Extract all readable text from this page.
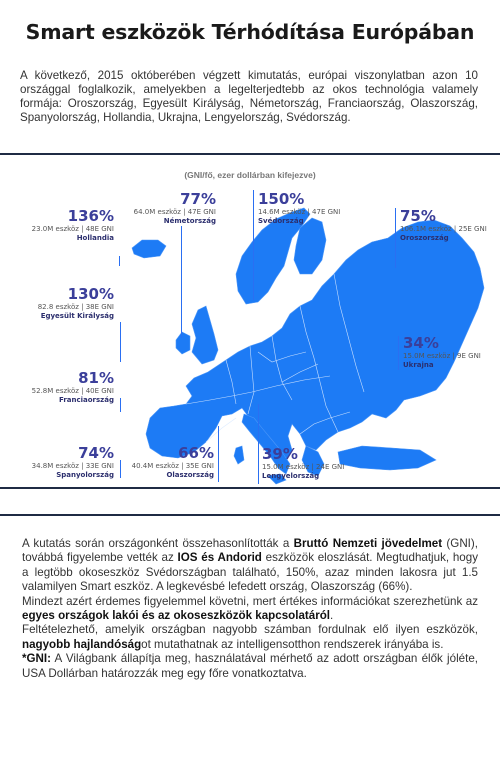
Smart eszközök Térhódítása Európában
A következő, 2015 októberében végzett kimutatás, európai viszonylatban azon 10 országgal foglalkozik, amelyekben a legelterjedtebb az okos technológia valamely formája: Oroszország, Egyesült Királyság, Németország, Franciaország, Olaszország, Spanyolország, Hollandia, Ukrajna, Lengyelország, Svédország.
(GNI/fő, ezer dollárban kifejezve)
136%
23.0M eszköz | 48E GNI
Hollandia
77%
64.0M eszköz | 47E GNI
Németország
150%
14.6M eszköz | 47E GNI
Svédország	75%
106.1M eszköz | 25E GNI
Oroszország
130%
82.8 eszköz | 38E GNI
Egyesült Királyság
34%
15.0M eszköz | 9E GNI
Ukrajna
81%
52.8M eszköz | 40E GNI
Franciaország
74%
34.8M eszköz | 33E GNI
Spanyolország
66%
40.4M eszköz | 35E GNI
Olaszország
39%
15.0M eszköz | 24E GNI
Lengyelország

A kutatás során országonként összehasonlították a Bruttó Nemzeti jövedelmet (GNI), továbbá figyelembe vették az IOS és Andorid eszközök eloszlását. Megtudhatjuk, hogy a legtöbb okoseszköz Svédországban található, 150%, azaz minden lakosra jut 1.5 valamilyen Smart eszköz. A legkevésbé lefedett ország, Olaszország (66%).

Mindezt azért érdemes figyelemmel követni, mert értékes információkat szerezhetünk az egyes országok lakói és az okoseszközök kapcsolatáról.

Feltételezhető, amelyik országban nagyobb számban fordulnak elő ilyen eszközök, nagyobb hajlandóságot mutathatnak az intelligensotthon rendszerek irányába is.

*GNI: A Világbank állapítja meg, használatával mérhető az adott országban élők jóléte, USA Dollárban határozzák meg egy főre vonatkoztatva.
